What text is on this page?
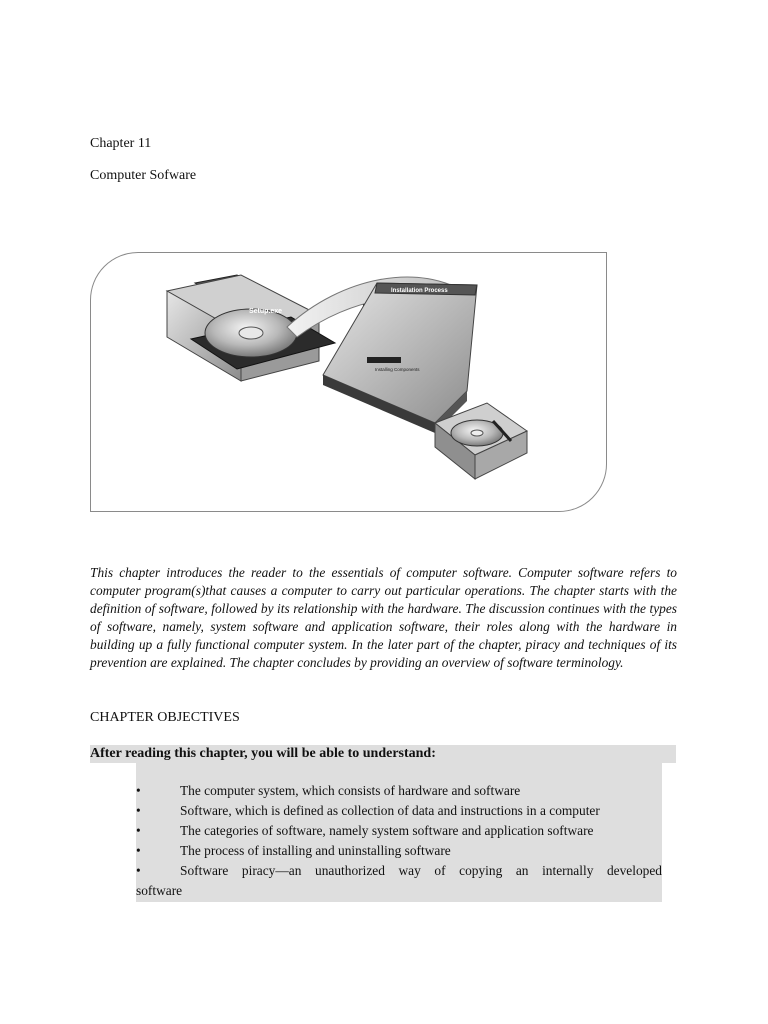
Chapter 11
Computer Sofware
Setup.exe
Installation Process
Installing Components

This chapter introduces the reader to the essentials of computer software. Computer software refers to computer program(s)that causes a computer to carry out particular operations. The chapter starts with the definition of software, followed by its relationship with the hardware. The discussion continues with the types of software, namely, system software and application software, their roles along with the hardware in building up a fully functional computer system. In the later part of the chapter, piracy and techniques of its prevention are explained. The chapter concludes by providing an overview of software terminology.

CHAPTER OBJECTIVES
After reading this chapter, you will be able to understand:
•	The computer system, which consists of hardware and software
•	Software, which is defined as collection of data and instructions in a computer
•	The categories of software, namely system software and application software
•	The process of installing and uninstalling software
•	Software piracy—an unauthorized way of copying an internally developed
software
